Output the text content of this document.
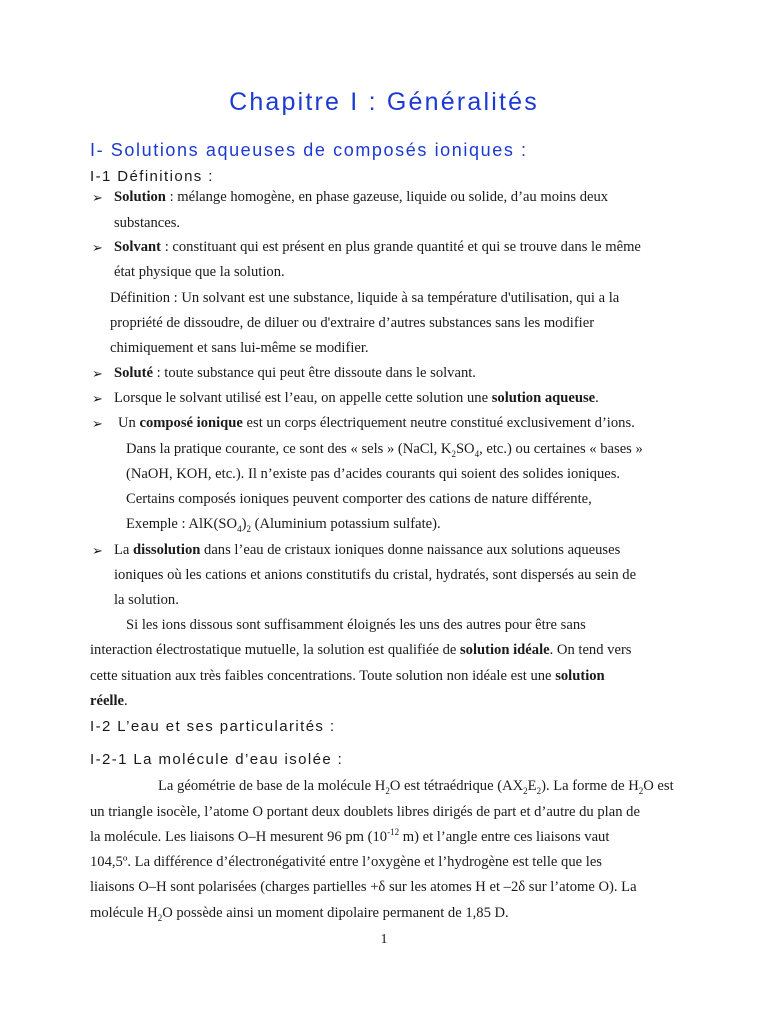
Chapitre I : Généralités
I- Solutions aqueuses de composés ioniques :
I-1 Définitions :
➢ Solution : mélange homogène, en phase gazeuse, liquide ou solide, d’au moins deux
substances.
➢ Solvant : constituant qui est présent en plus grande quantité et qui se trouve dans le même
état physique que la solution.
Définition : Un solvant est une substance, liquide à sa température d'utilisation, qui a la
propriété de dissoudre, de diluer ou d'extraire d’autres substances sans les modifier
chimiquement et sans lui-même se modifier.
➢ Soluté : toute substance qui peut être dissoute dans le solvant.
➢ Lorsque le solvant utilisé est l’eau, on appelle cette solution une solution aqueuse.
➢ Un composé ionique est un corps électriquement neutre constitué exclusivement d’ions.
Dans la pratique courante, ce sont des « sels » (NaCl, $K_2SO_4$, etc.) ou certaines « bases »
(NaOH, KOH, etc.). Il n’existe pas d’acides courants qui soient des solides ioniques.
Certains composés ioniques peuvent comporter des cations de nature différente,
Exemple : $AlK(SO_4)_2$ (Aluminium potassium sulfate).
➢ La dissolution dans l’eau de cristaux ioniques donne naissance aux solutions aqueuses
ioniques où les cations et anions constitutifs du cristal, hydratés, sont dispersés au sein de
la solution.
Si les ions dissous sont suffisamment éloignés les uns des autres pour être sans
interaction électrostatique mutuelle, la solution est qualifiée de solution idéale. On tend vers
cette situation aux très faibles concentrations. Toute solution non idéale est une solution
réelle.
I-2 L’eau et ses particularités :
I-2-1 La molécule d’eau isolée :
La géométrie de base de la molécule $H_2O$ est tétraédrique $(AX_2E_2)$. La forme de $H_2O$ est
un triangle isocèle, l’atome O portant deux doublets libres dirigés de part et d’autre du plan de
la molécule. Les liaisons O–H mesurent 96 pm ($10^{-12}$ m) et l’angle entre ces liaisons vaut
104,5º. La différence d’électronégativité entre l’oxygène et l’hydrogène est telle que les
liaisons O–H sont polarisées (charges partielles +δ sur les atomes H et –2δ sur l’atome O). La
molécule $H_2O$ possède ainsi un moment dipolaire permanent de 1,85 D.
1
